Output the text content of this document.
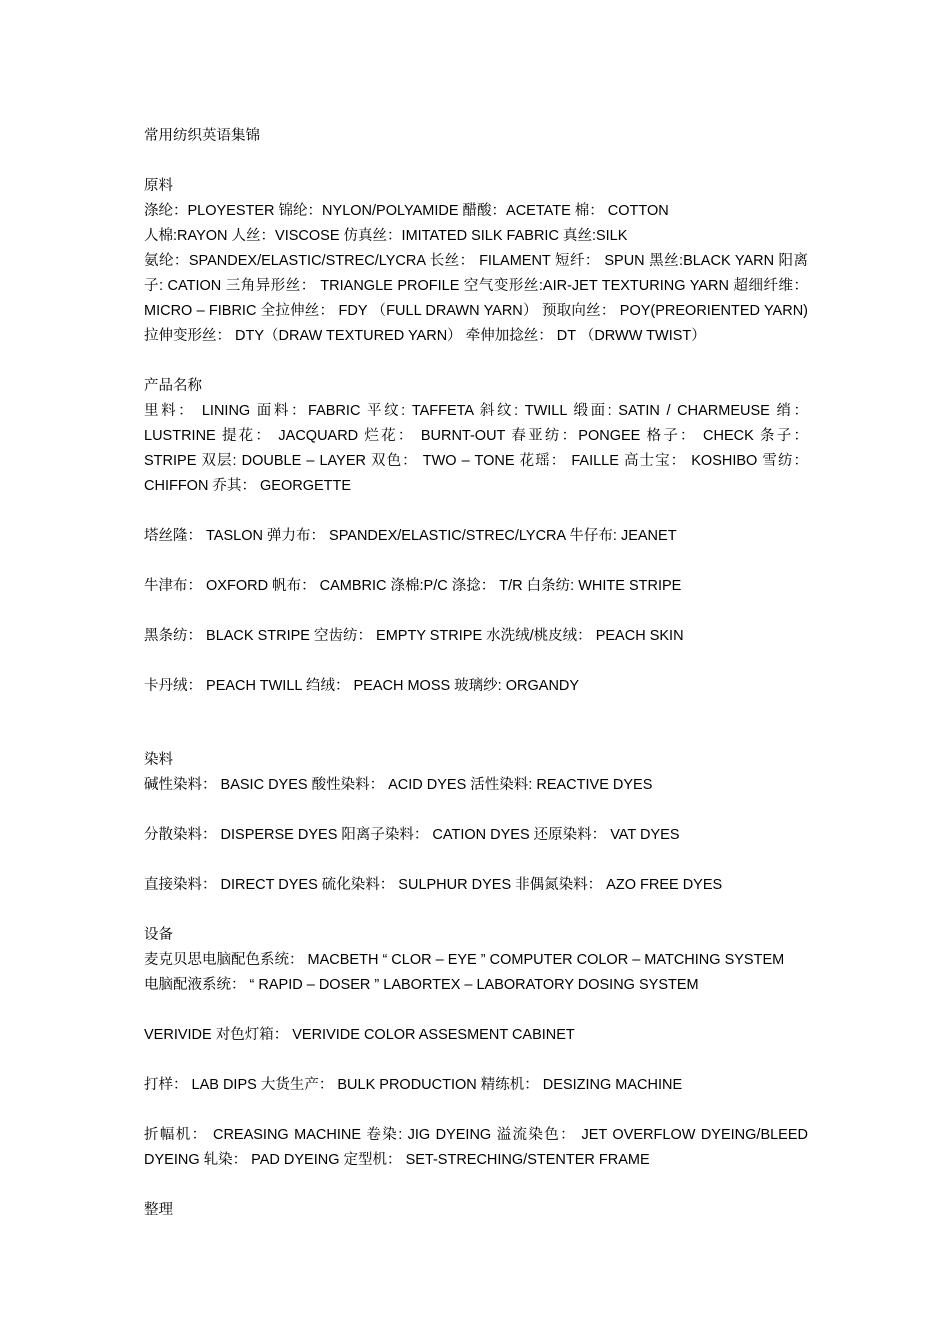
常用纺织英语集锦
原料
涤纶：PLOYESTER 锦纶：NYLON/POLYAMIDE 醋酸：ACETATE 棉： COTTON
人棉:RAYON 人丝：VISCOSE 仿真丝：IMITATED SILK FABRIC 真丝:SILK
氨纶：SPANDEX/ELASTIC/STREC/LYCRA 长丝： FILAMENT 短纤： SPUN 黑丝:BLACK YARN 阳离
子: CATION 三角异形丝： TRIANGLE PROFILE 空气变形丝:AIR-JET TEXTURING YARN 超细纤维：
MICRO – FIBRIC 全拉伸丝： FDY （FULL DRAWN YARN） 预取向丝： POY(PREORIENTED YARN)
拉伸变形丝： DTY（DRAW TEXTURED YARN） 牵伸加捻丝： DT （DRWW TWIST）
产品名称
里料： LINING 面料：FABRIC 平纹: TAFFETA 斜纹: TWILL 缎面: SATIN / CHARMEUSE 绡：
LUSTRINE 提花： JACQUARD 烂花： BURNT-OUT 春亚纺：PONGEE 格子： CHECK 条子：
STRIPE 双层: DOUBLE – LAYER 双色： TWO – TONE 花瑶： FAILLE 高士宝： KOSHIBO 雪纺：
CHIFFON 乔其： GEORGETTE
塔丝隆： TASLON 弹力布： SPANDEX/ELASTIC/STREC/LYCRA 牛仔布: JEANET
牛津布： OXFORD 帆布： CAMBRIC 涤棉:P/C 涤捻： T/R 白条纺: WHITE STRIPE
黑条纺： BLACK STRIPE 空齿纺： EMPTY STRIPE 水洗绒/桃皮绒： PEACH SKIN
卡丹绒： PEACH TWILL 绉绒： PEACH MOSS 玻璃纱: ORGANDY
染料
碱性染料： BASIC DYES 酸性染料： ACID DYES 活性染料: REACTIVE DYES
分散染料： DISPERSE DYES 阳离子染料： CATION DYES 还原染料： VAT DYES
直接染料： DIRECT DYES 硫化染料： SULPHUR DYES 非偶氮染料： AZO FREE DYES
设备
麦克贝思电脑配色系统： MACBETH “ CLOR – EYE ” COMPUTER COLOR – MATCHING SYSTEM
电脑配液系统： “ RAPID – DOSER ” LABORTEX – LABORATORY DOSING SYSTEM
VERIVIDE 对色灯箱： VERIVIDE COLOR ASSESMENT CABINET
打样： LAB DIPS 大货生产： BULK PRODUCTION 精练机： DESIZING MACHINE
折幅机： CREASING MACHINE 卷染: JIG DYEING 溢流染色： JET OVERFLOW DYEING/BLEED
DYEING 轧染： PAD DYEING 定型机： SET-STRECHING/STENTER FRAME
整理
